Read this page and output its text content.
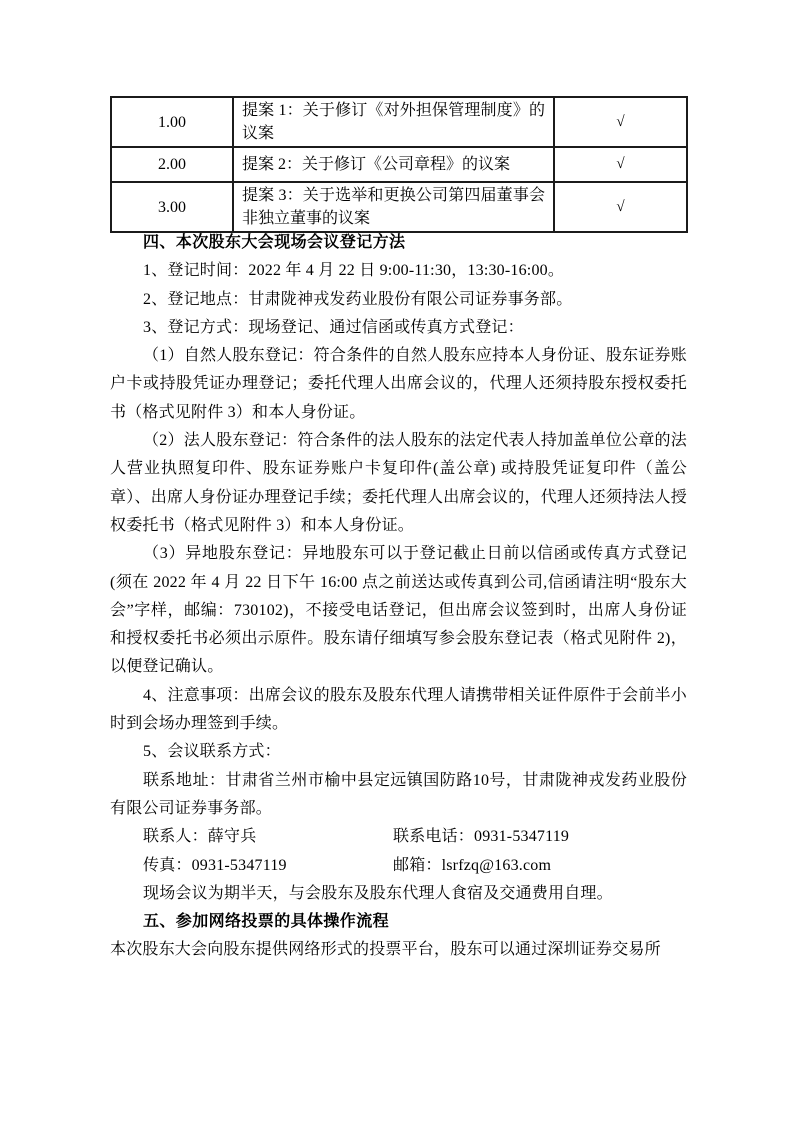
1.00	提案 1：关于修订《对外担保管理制度》的议案	√
2.00	提案 2：关于修订《公司章程》的议案	√
3.00	提案 3：关于选举和更换公司第四届董事会非独立董事的议案	√

四、本次股东大会现场会议登记方法

1、登记时间：2022 年 4 月 22 日 9:00-11:30，13:30-16:00。

2、登记地点：甘肃陇神戎发药业股份有限公司证券事务部。

3、登记方式：现场登记、通过信函或传真方式登记：

（1）自然人股东登记：符合条件的自然人股东应持本人身份证、股东证券账户卡或持股凭证办理登记；委托代理人出席会议的，代理人还须持股东授权委托书（格式见附件 3）和本人身份证。

（2）法人股东登记：符合条件的法人股东的法定代表人持加盖单位公章的法人营业执照复印件、股东证券账户卡复印件(盖公章) 或持股凭证复印件（盖公章）、出席人身份证办理登记手续；委托代理人出席会议的，代理人还须持法人授权委托书（格式见附件 3）和本人身份证。

（3）异地股东登记：异地股东可以于登记截止日前以信函或传真方式登记(须在 2022 年 4 月 22 日下午 16:00 点之前送达或传真到公司,信函请注明“股东大会”字样，邮编：730102)，不接受电话登记，但出席会议签到时，出席人身份证和授权委托书必须出示原件。股东请仔细填写参会股东登记表（格式见附件 2)，以便登记确认。

4、注意事项：出席会议的股东及股东代理人请携带相关证件原件于会前半小时到会场办理签到手续。

5、会议联系方式：

联系地址：甘肃省兰州市榆中县定远镇国防路10号，甘肃陇神戎发药业股份有限公司证券事务部。

联系人：薛守兵	联系电话：0931-5347119

传真：0931-5347119	邮箱：lsrfzq@163.com

现场会议为期半天，与会股东及股东代理人食宿及交通费用自理。

五、参加网络投票的具体操作流程

本次股东大会向股东提供网络形式的投票平台，股东可以通过深圳证券交易所
